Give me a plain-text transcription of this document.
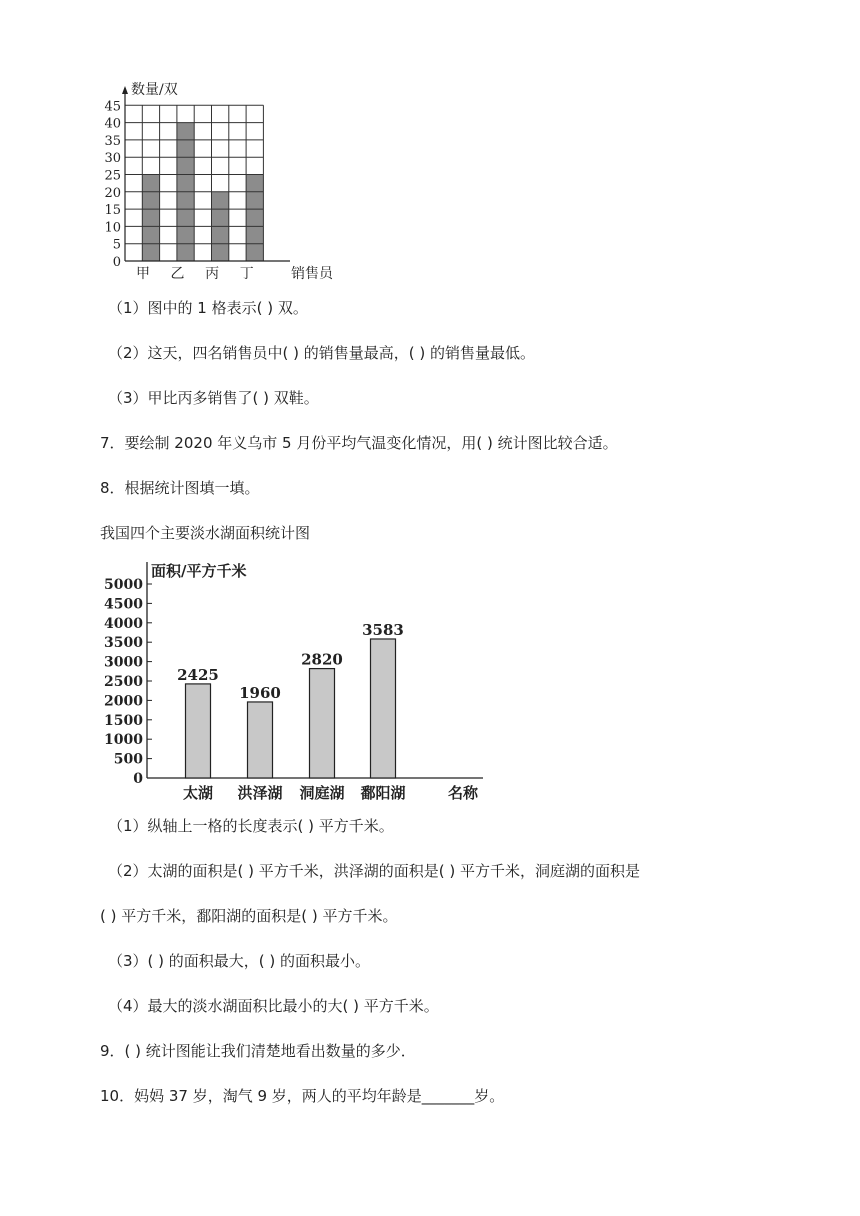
0
5
10
15
20
25
30
35
40
45
甲 乙 丙 丁	销售员
数量/双
（1）图中的 1 格表示( ) 双。
（2）这天，四名销售员中( ) 的销售量最高，( ) 的销售量最低。
（3）甲比丙多销售了( ) 双鞋。
7．要绘制 2020 年义乌市 5 月份平均气温变化情况，用( ) 统计图比较合适。
8．根据统计图填一填。
我国四个主要淡水湖面积统计图
0
500
1000
1500
2000
2500
3000
3500
4000
4500
5000
2425
太湖
1960
洪泽湖
2820
洞庭湖
3583
鄱阳湖	名称
面积/平方千米
（1）纵轴上一格的长度表示( ) 平方千米。
（2）太湖的面积是( ) 平方千米，洪泽湖的面积是( ) 平方千米，洞庭湖的面积是
( ) 平方千米，鄱阳湖的面积是( ) 平方千米。
（3）( ) 的面积最大，( ) 的面积最小。
（4）最大的淡水湖面积比最小的大( ) 平方千米。
9．( ) 统计图能让我们清楚地看出数量的多少．
10．妈妈 37 岁，淘气 9 岁，两人的平均年龄是_______岁。
